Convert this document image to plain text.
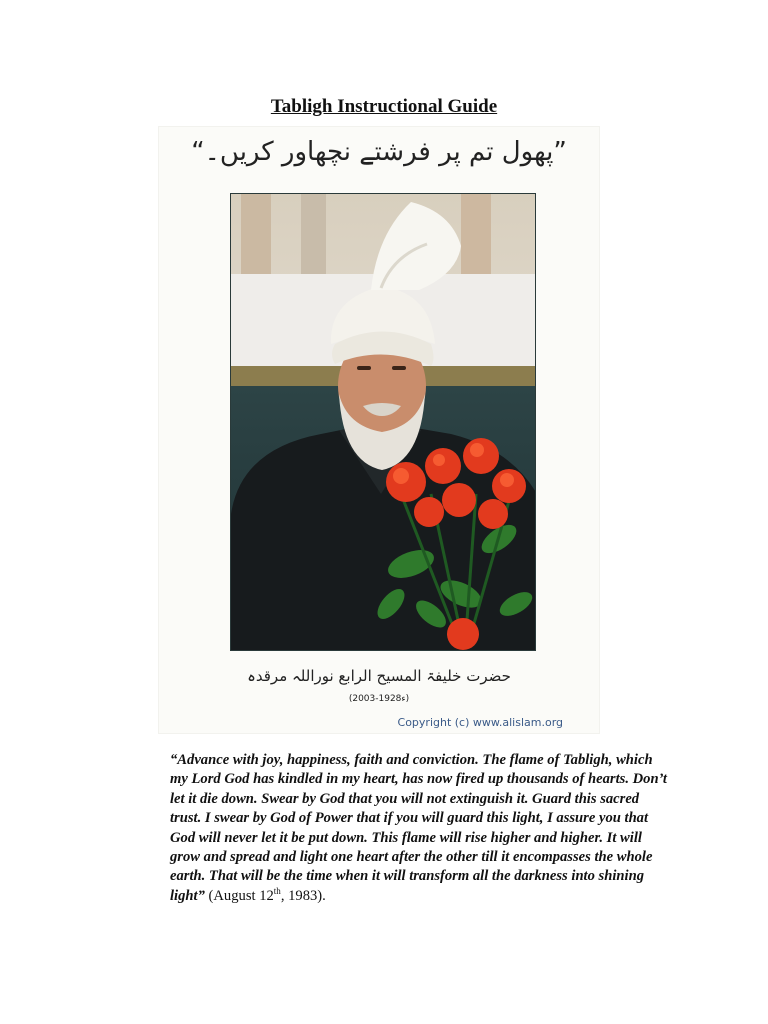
Tabligh Instructional Guide
”پھول تم پر فرشتے نچھاور کریں۔“
حضرت خلیفۃ المسیح الرابع نوراللہ مرقدہ
(2003-1928ء)
Copyright (c) www.alislam.org

“Advance with joy, happiness, faith and conviction. The flame of Tabligh, which my Lord God has kindled in my heart, has now fired up thousands of hearts. Don’t let it die down. Swear by God that you will not extinguish it. Guard this sacred trust. I swear by God of Power that if you will guard this light, I assure you that God will never let it be put down. This flame will rise higher and higher. It will grow and spread and light one heart after the other till it encompasses the whole earth. That will be the time when it will transform all the darkness into shining light” (August 12th, 1983).
